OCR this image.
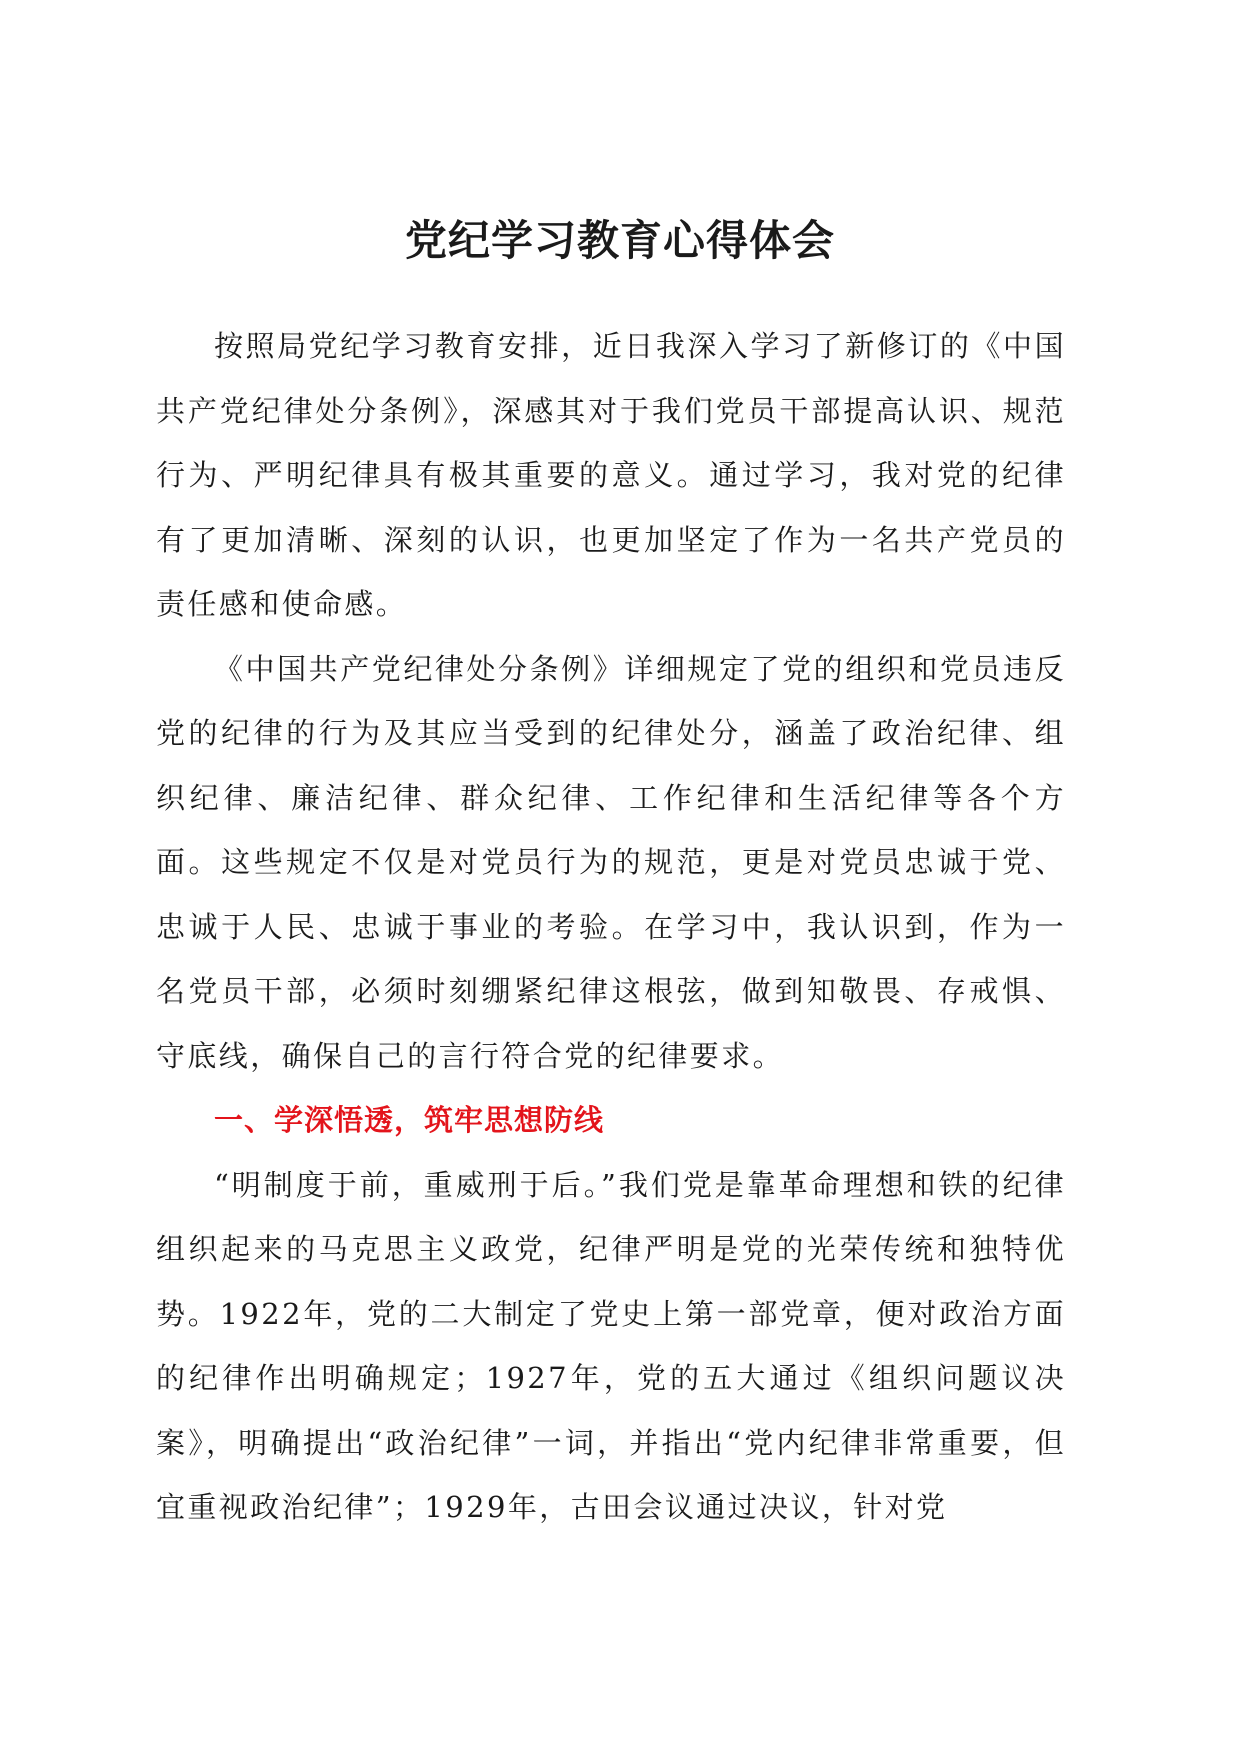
党纪学习教育心得体会

按照局党纪学习教育安排，近日我深入学习了新修订的《中国共产党纪律处分条例》，深感其对于我们党员干部提高认识、规范行为、严明纪律具有极其重要的意义。通过学习，我对党的纪律有了更加清晰、深刻的认识，也更加坚定了作为一名共产党员的责任感和使命感。

《中国共产党纪律处分条例》详细规定了党的组织和党员违反党的纪律的行为及其应当受到的纪律处分，涵盖了政治纪律、组织纪律、廉洁纪律、群众纪律、工作纪律和生活纪律等各个方面。这些规定不仅是对党员行为的规范，更是对党员忠诚于党、忠诚于人民、忠诚于事业的考验。在学习中，我认识到，作为一名党员干部，必须时刻绷紧纪律这根弦，做到知敬畏、存戒惧、守底线，确保自己的言行符合党的纪律要求。

一、学深悟透，筑牢思想防线

“明制度于前，重威刑于后。”我们党是靠革命理想和铁的纪律组织起来的马克思主义政党，纪律严明是党的光荣传统和独特优势。1922年，党的二大制定了党史上第一部党章，便对政治方面的纪律作出明确规定；1927年，党的五大通过《组织问题议决案》，明确提出“政治纪律”一词，并指出“党内纪律非常重要，但宜重视政治纪律”；1929年，古田会议通过决议，针对党
